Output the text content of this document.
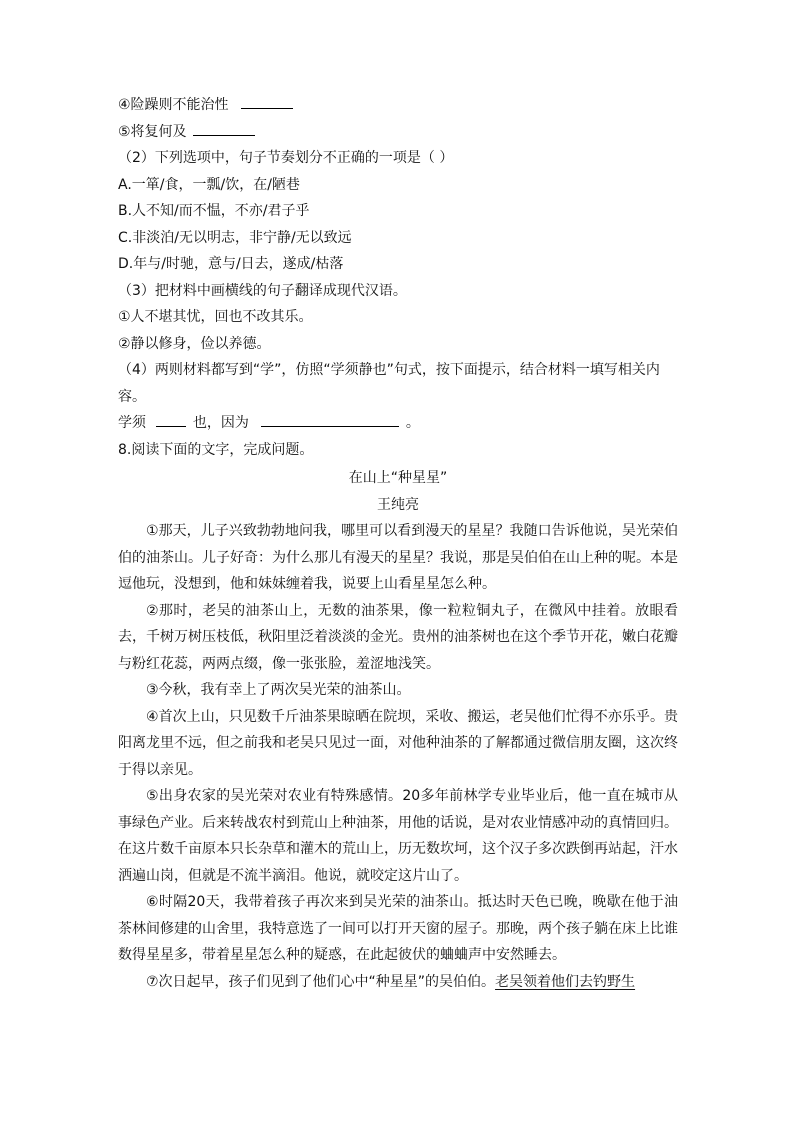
④险躁则不能治性
⑤将复何及
（2）下列选项中，句子节奏划分不正确的一项是（ ）
A.一箪/食，一瓢/饮，在/陋巷
B.人不知/而不愠，不亦/君子乎
C.非淡泊/无以明志，非宁静/无以致远
D.年与/时驰，意与/日去，遂成/枯落
（3）把材料中画横线的句子翻译成现代汉语。
①人不堪其忧，回也不改其乐。
②静以修身，俭以养德。
（4）两则材料都写到“学”，仿照“学须静也”句式，按下面提示，结合材料一填写相关内容。
学须	也，因为	。
8.阅读下面的文字，完成问题。
在山上“种星星”
王纯亮
①那天，儿子兴致勃勃地问我，哪里可以看到漫天的星星？我随口告诉他说，吴光荣伯伯的油茶山。儿子好奇：为什么那儿有漫天的星星？我说，那是吴伯伯在山上种的呢。本是逗他玩，没想到，他和妹妹缠着我，说要上山看星星怎么种。
②那时，老吴的油茶山上，无数的油茶果，像一粒粒铜丸子，在微风中挂着。放眼看去，千树万树压枝低，秋阳里泛着淡淡的金光。贵州的油茶树也在这个季节开花，嫩白花瓣与粉红花蕊，两两点缀，像一张张脸，羞涩地浅笑。
③今秋，我有幸上了两次吴光荣的油茶山。
④首次上山，只见数千斤油茶果晾晒在院坝，采收、搬运，老吴他们忙得不亦乐乎。贵阳离龙里不远，但之前我和老吴只见过一面，对他种油茶的了解都通过微信朋友圈，这次终于得以亲见。
⑤出身农家的吴光荣对农业有特殊感情。20多年前林学专业毕业后，他一直在城市从事绿色产业。后来转战农村到荒山上种油茶，用他的话说，是对农业情感冲动的真情回归。在这片数千亩原本只长杂草和灌木的荒山上，历无数坎坷，这个汉子多次跌倒再站起，汗水洒遍山岗，但就是不流半滴泪。他说，就咬定这片山了。
⑥时隔20天，我带着孩子再次来到吴光荣的油茶山。抵达时天色已晚，晚歇在他于油茶林间修建的山舍里，我特意选了一间可以打开天窗的屋子。那晚，两个孩子躺在床上比谁数得星星多，带着星星怎么种的疑惑，在此起彼伏的蛐蛐声中安然睡去。
⑦次日起早，孩子们见到了他们心中“种星星”的吴伯伯。老吴领着他们去钓野生
